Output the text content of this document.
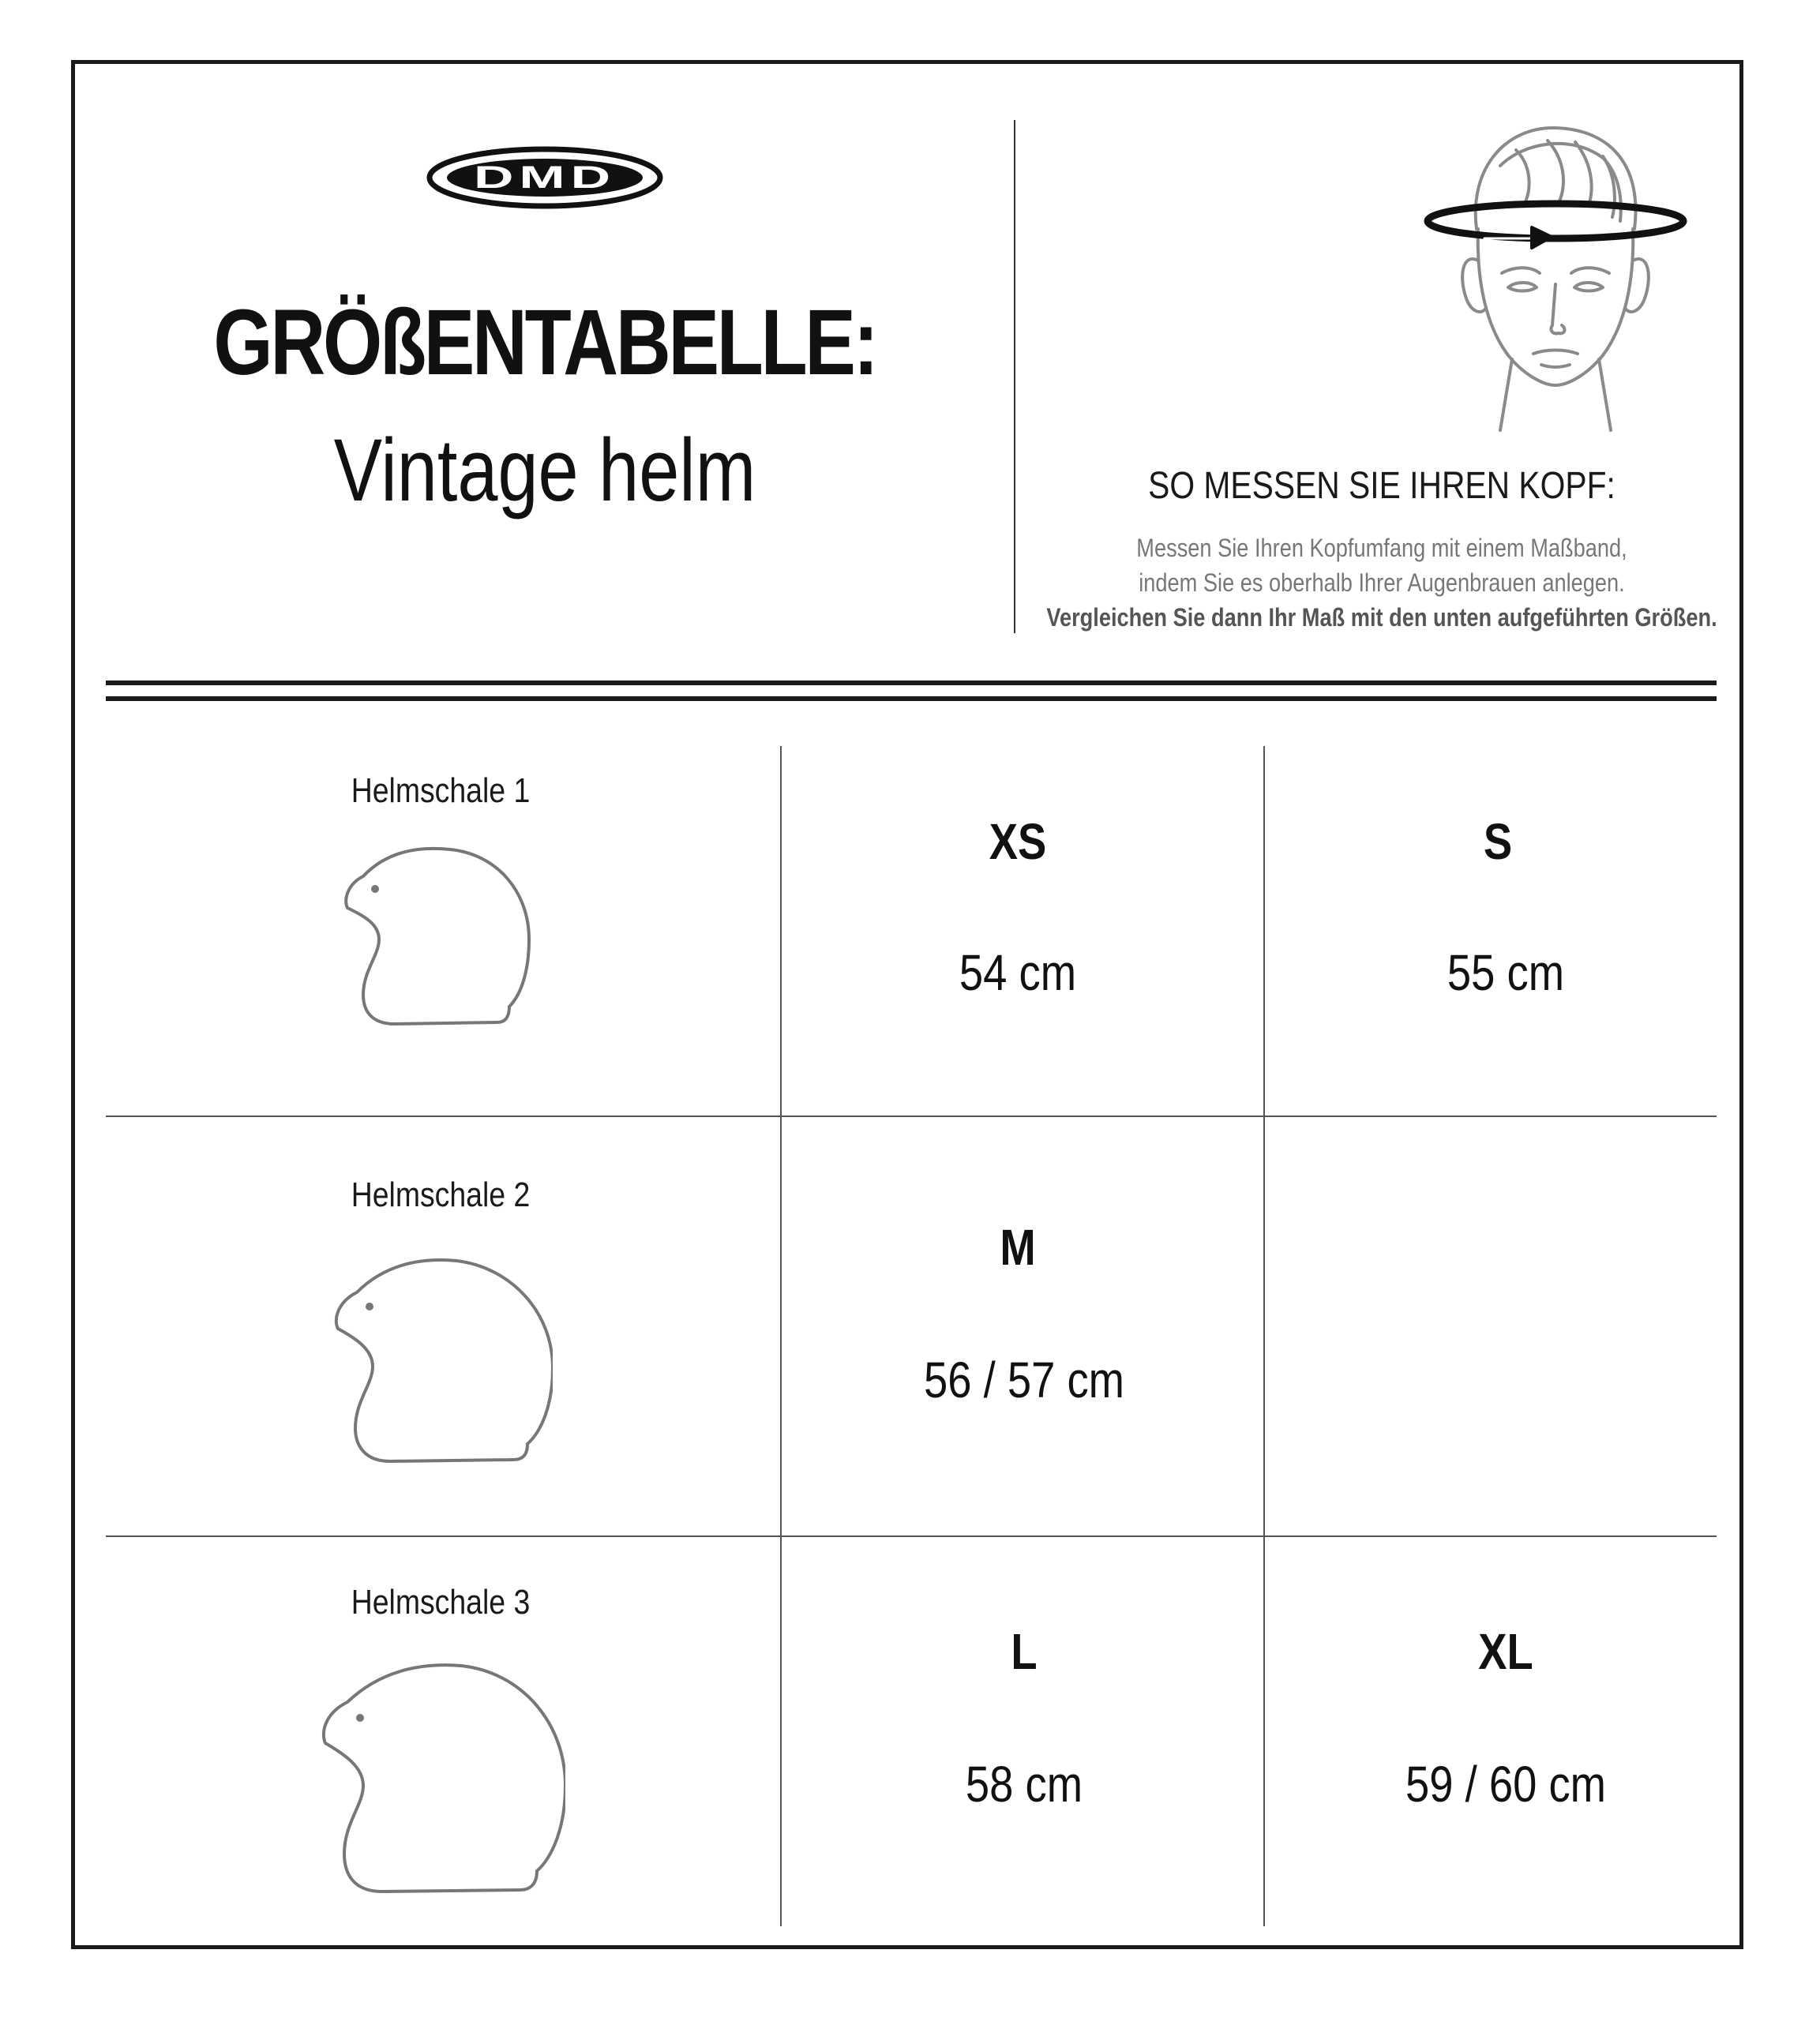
DMD
GRÖßENTABELLE:
Vintage helm	SO MESSEN SIE IHREN KOPF:
Messen Sie Ihren Kopfumfang mit einem Maßband,
indem Sie es oberhalb Ihrer Augenbrauen anlegen.
Vergleichen Sie dann Ihr Maß mit den unten aufgeführten Größen.
Helmschale 1
XS
54 cm
S
55 cm
Helmschale 2
M
56 / 57 cm
Helmschale 3
L
58 cm
XL
59 / 60 cm
